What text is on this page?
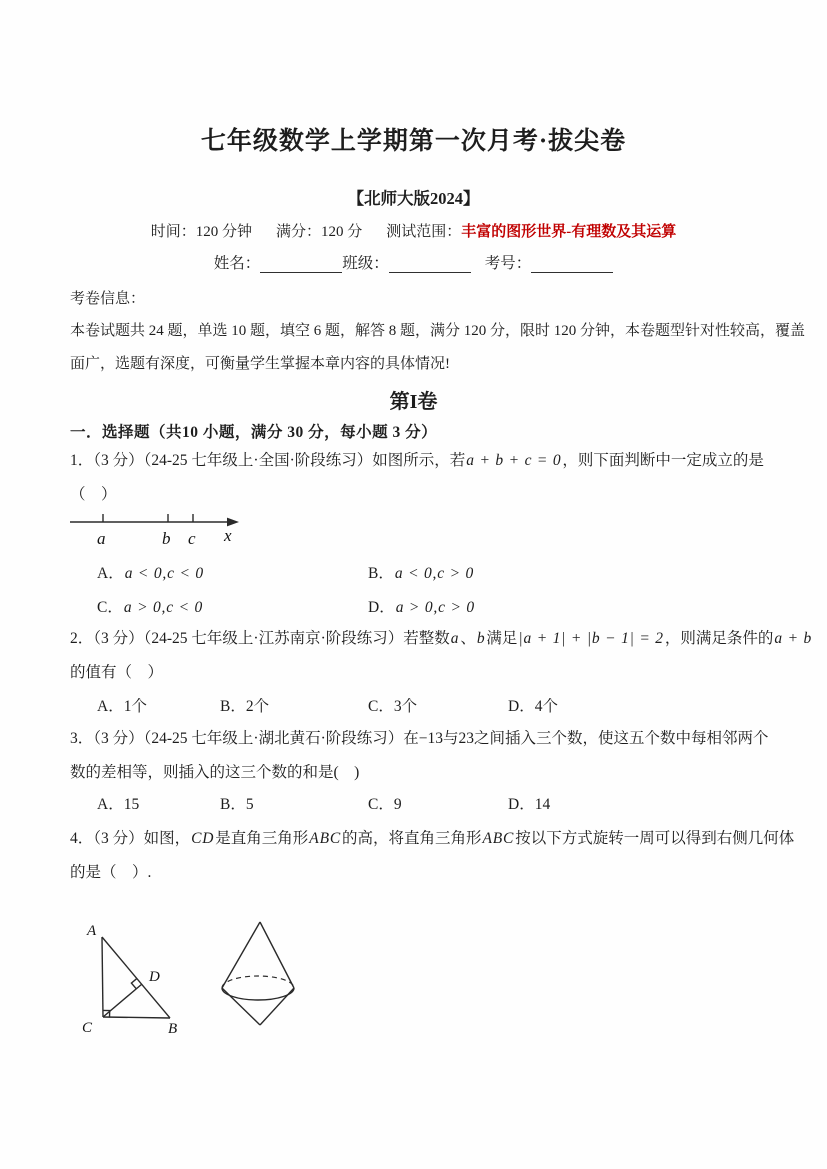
七年级数学上学期第一次月考·拔尖卷
【北师大版2024】
时间：120 分钟 满分：120 分 测试范围：丰富的图形世界-有理数及其运算
姓名：	班级：	考号：
考卷信息：
本卷试题共 24 题，单选 10 题，填空 6 题，解答 8 题，满分 120 分，限时 120 分钟，本卷题型针对性较高，覆盖
面广，选题有深度，可衡量学生掌握本章内容的具体情况!
第I卷
一．选择题（共10 小题，满分 30 分，每小题 3 分）
1．（3 分）（24-25 七年级上·全国·阶段练习）如图所示，若a + b + c = 0，则下面判断中一定成立的是
（　）
a	b c x
A．a < 0,c < 0	B．a < 0,c > 0
C．a > 0,c < 0	D．a > 0,c > 0
2．（3 分）（24-25 七年级上·江苏南京·阶段练习）若整数a、b满足|a + 1| + |b − 1| = 2，则满足条件的a + b
的值有（　）
A．1个	B．2个	C．3个	D．4个
3．（3 分）（24-25 七年级上·湖北黄石·阶段练习）在−13与23之间插入三个数，使这五个数中每相邻两个
数的差相等，则插入的这三个数的和是(　)
A．15	B．5	C．9	D．14
4．（3 分）如图，CD是直角三角形ABC的高，将直角三角形ABC按以下方式旋转一周可以得到右侧几何体
的是（　）.
A
C	B
D
